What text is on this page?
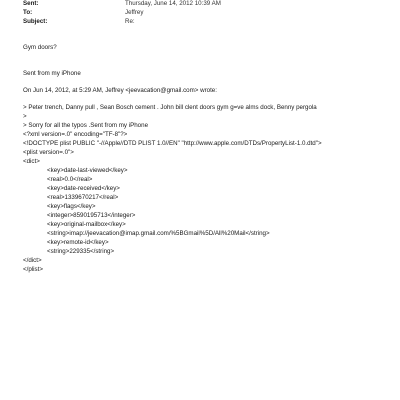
Sent:	Thursday, June 14, 2012 10:39 AM
To:	Jeffrey
Subject:	Re:
Gym doors?
Sent from my iPhone
On Jun 14, 2012, at 5:29 AM, Jeffrey <jeevacation@gmail.com> wrote:
> Peter trench, Danny pull , Sean Bosch cement . John bill clent doors gym g=ve alms dock, Benny pergola
>
> Sorry for all the typos .Sent from my iPhone
<?xml version=.0" encoding="TF-8"?>
<!DOCTYPE plist PUBLIC "-//Apple//DTD PLIST 1.0//EN" "http://www.apple.com/DTDs/PropertyList-1.0.dtd">
<plist version=.0">
<dict>
<key>date-last-viewed</key>
<real>0.0</real>
<key>date-received</key>
<real>1339670217</real>
<key>flags</key>
<integer>8590195713</integer>
<key>original-mailbox</key>
<string>imap://jeevacation@imap.gmail.com/%5BGmail%5D/All%20Mail</string>
<key>remote-id</key>
<string>229335</string>
</dict>
</plist>
